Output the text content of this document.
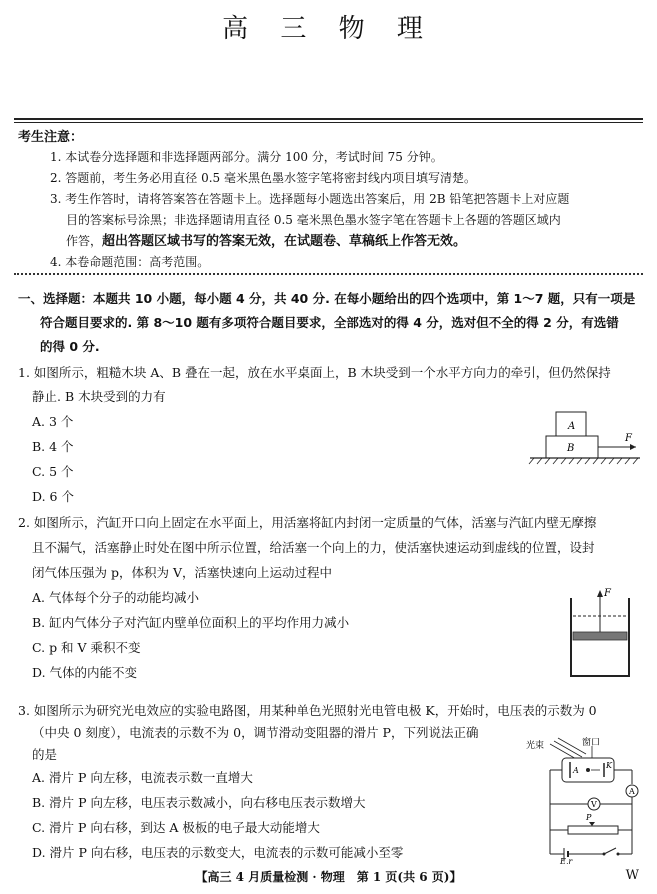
高 三 物 理
考生注意：
1. 本试卷分选择题和非选择题两部分。满分 100 分，考试时间 75 分钟。
2. 答题前，考生务必用直径 0.5 毫米黑色墨水签字笔将密封线内项目填写清楚。
3. 考生作答时，请将答案答在答题卡上。选择题每小题选出答案后，用 2B 铅笔把答题卡上对应题
目的答案标号涂黑；非选择题请用直径 0.5 毫米黑色墨水签字笔在答题卡上各题的答题区域内
作答，超出答题区域书写的答案无效，在试题卷、草稿纸上作答无效。
4. 本卷命题范围：高考范围。
一、选择题：本题共 10 小题，每小题 4 分，共 40 分. 在每小题给出的四个选项中，第 1～7 题，只有一项是
符合题目要求的. 第 8～10 题有多项符合题目要求，全部选对的得 4 分，选对但不全的得 2 分，有选错
的得 0 分.
1. 如图所示，粗糙木块 A、B 叠在一起，放在水平桌面上，B 木块受到一个水平方向力的牵引，但仍然保持
静止. B 木块受到的力有
A. 3 个
B. 4 个
C. 5 个
D. 6 个
A
B
F
2. 如图所示，汽缸开口向上固定在水平面上，用活塞将缸内封闭一定质量的气体，活塞与汽缸内壁无摩擦
且不漏气，活塞静止时处在图中所示位置，给活塞一个向上的力，使活塞快速运动到虚线的位置，设封
闭气体压强为 p，体积为 V，活塞快速向上运动过程中
A. 气体每个分子的动能均减小
B. 缸内气体分子对汽缸内壁单位面积上的平均作用力减小
C. p 和 V 乘积不变
D. 气体的内能不变
F
3. 如图所示为研究光电效应的实验电路图，用某种单色光照射光电管电极 K，开始时，电压表的示数为 0
（中央 0 刻度），电流表的示数不为 0，调节滑动变阻器的滑片 P，下列说法正确
的是
A. 滑片 P 向左移，电流表示数一直增大
B. 滑片 P 向左移，电压表示数减小，向右移电压表示数增大
C. 滑片 P 向右移，到达 A 极板的电子最大动能增大
光束	窗口
A
K
A
V
P
E,r
【高三 4 月质量检测 · 物理　第 1 页(共 6 页)】	W
D. 滑片 P 向右移，电压表的示数变大，电流表的示数可能减小至零
